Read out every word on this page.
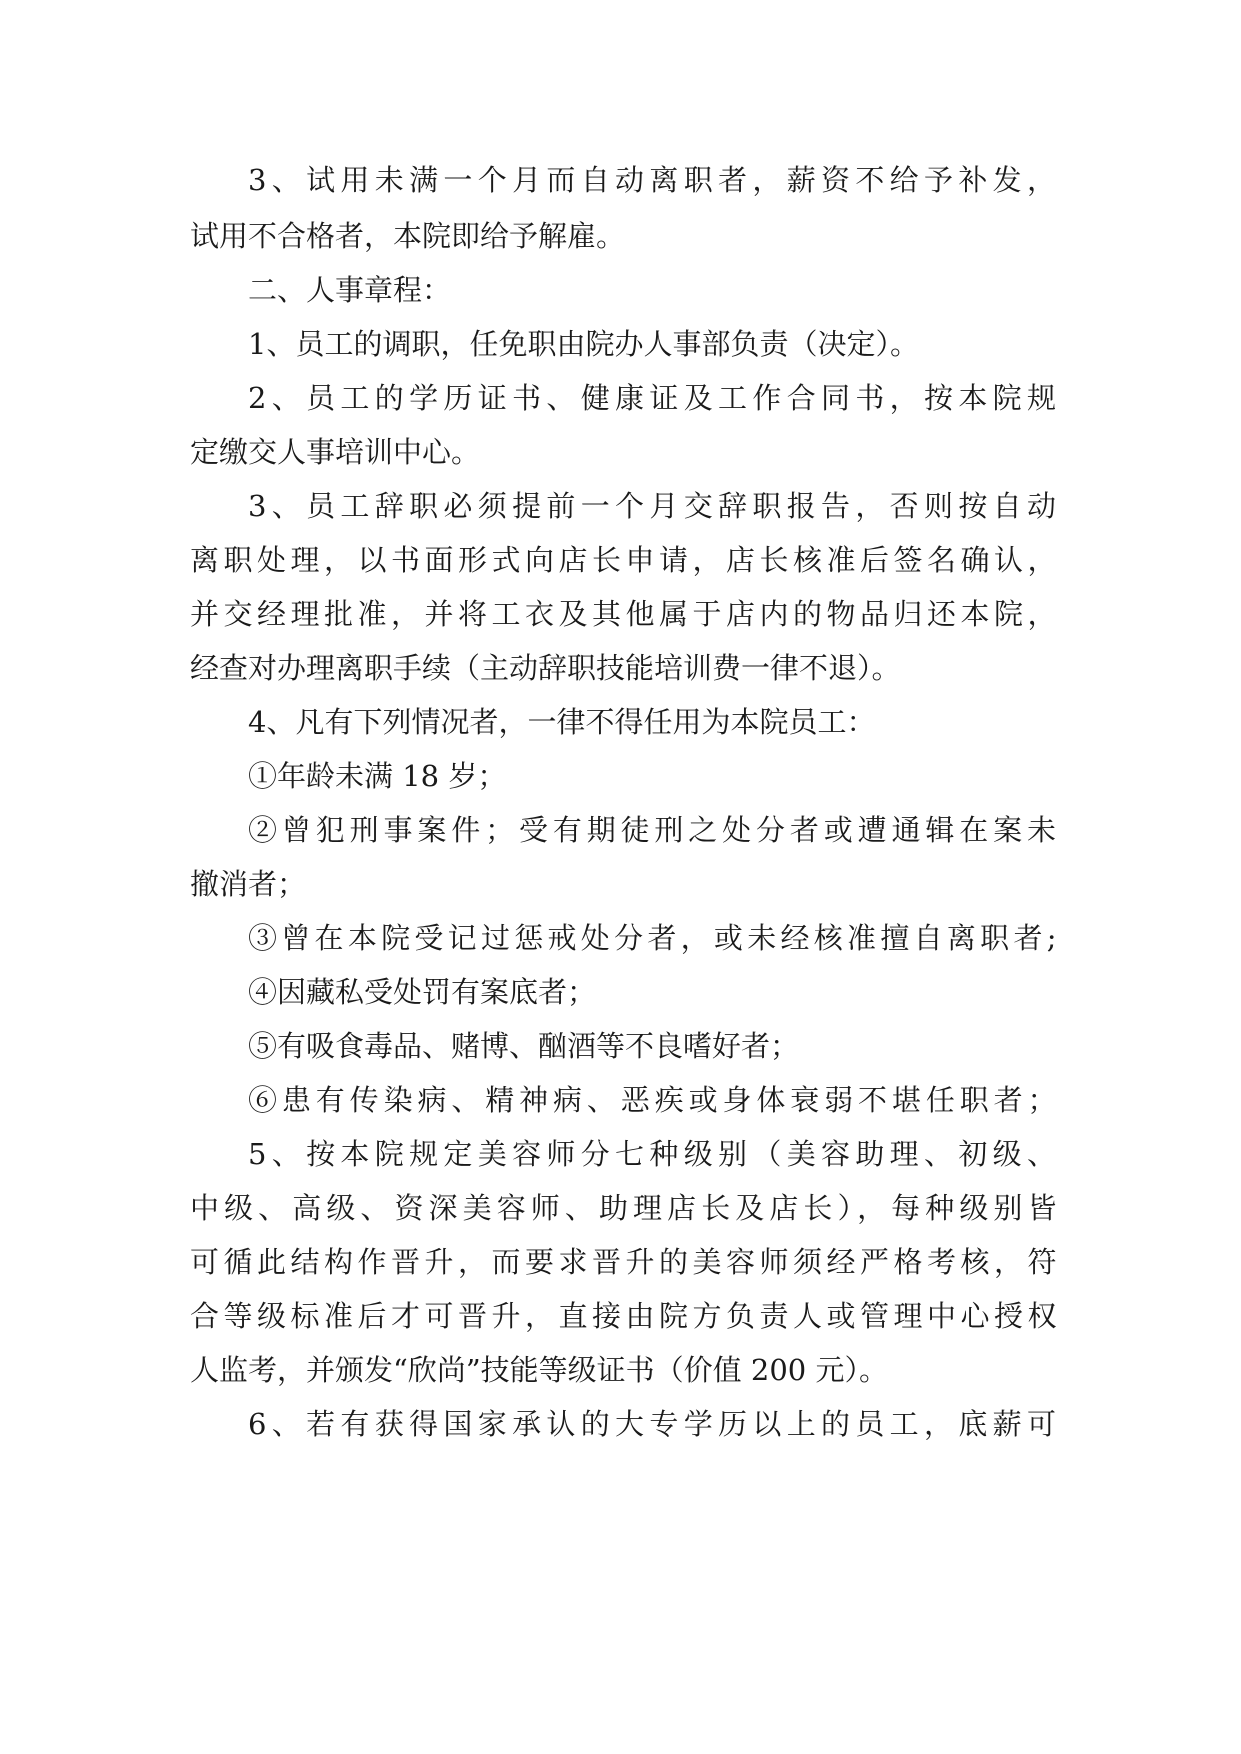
3、试用未满一个月而自动离职者，薪资不给予补发，
试用不合格者，本院即给予解雇。
二、人事章程：
1、员工的调职，任免职由院办人事部负责（决定）。
2、员工的学历证书、健康证及工作合同书，按本院规
定缴交人事培训中心。
3、员工辞职必须提前一个月交辞职报告，否则按自动
离职处理，以书面形式向店长申请，店长核准后签名确认，
并交经理批准，并将工衣及其他属于店内的物品归还本院，
经查对办理离职手续（主动辞职技能培训费一律不退）。
4、凡有下列情况者，一律不得任用为本院员工：
①年龄未满 18 岁；
②曾犯刑事案件；受有期徒刑之处分者或遭通辑在案未
撤消者；
③曾在本院受记过惩戒处分者，或未经核准擅自离职者;
④因藏私受处罚有案底者；
⑤有吸食毒品、赌博、酗酒等不良嗜好者；
⑥患有传染病、精神病、恶疾或身体衰弱不堪任职者；
5、按本院规定美容师分七种级别（美容助理、初级、
中级、高级、资深美容师、助理店长及店长），每种级别皆
可循此结构作晋升，而要求晋升的美容师须经严格考核，符
合等级标准后才可晋升，直接由院方负责人或管理中心授权
人监考，并颁发“欣尚”技能等级证书（价值 200 元）。
6、若有获得国家承认的大专学历以上的员工，底薪可
